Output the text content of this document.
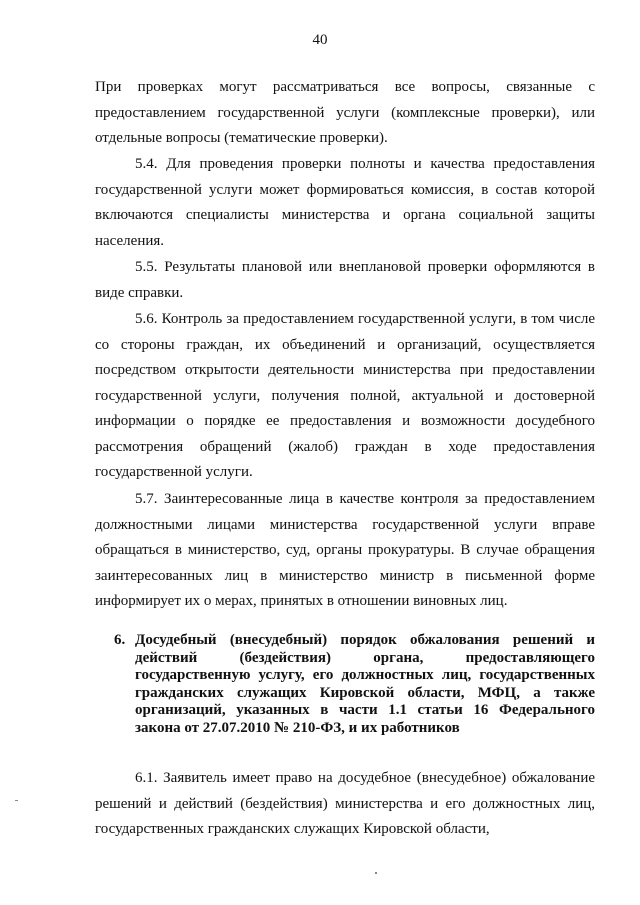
40

При проверках могут рассматриваться все вопросы, связанные с предоставлением государственной услуги (комплексные проверки), или отдельные вопросы (тематические проверки).

5.4. Для проведения проверки полноты и качества предоставления государственной услуги может формироваться комиссия, в состав которой включаются специалисты министерства и органа социальной защиты населения.

5.5. Результаты плановой или внеплановой проверки оформляются в виде справки.

5.6. Контроль за предоставлением государственной услуги, в том числе со стороны граждан, их объединений и организаций, осуществляется посредством открытости деятельности министерства при предоставлении государственной услуги, получения полной, актуальной и достоверной информации о порядке ее предоставления и возможности досудебного рассмотрения обращений (жалоб) граждан в ходе предоставления государственной услуги.

5.7. Заинтересованные лица в качестве контроля за предоставлением должностными лицами министерства государственной услуги вправе обращаться в министерство, суд, органы прокуратуры. В случае обращения заинтересованных лиц в министерство министр в письменной форме информирует их о мерах, принятых в отношении виновных лиц.

6. Досудебный (внесудебный) порядок обжалования решений и действий (бездействия) органа, предоставляющего государственную услугу, его должностных лиц, государственных гражданских служащих Кировской области, МФЦ, а также организаций, указанных в части 1.1 статьи 16 Федерального закона от 27.07.2010 № 210-ФЗ, и их работников

6.1. Заявитель имеет право на досудебное (внесудебное) обжалование решений и действий (бездействия) министерства и его должностных лиц, государственных гражданских служащих Кировской области,
